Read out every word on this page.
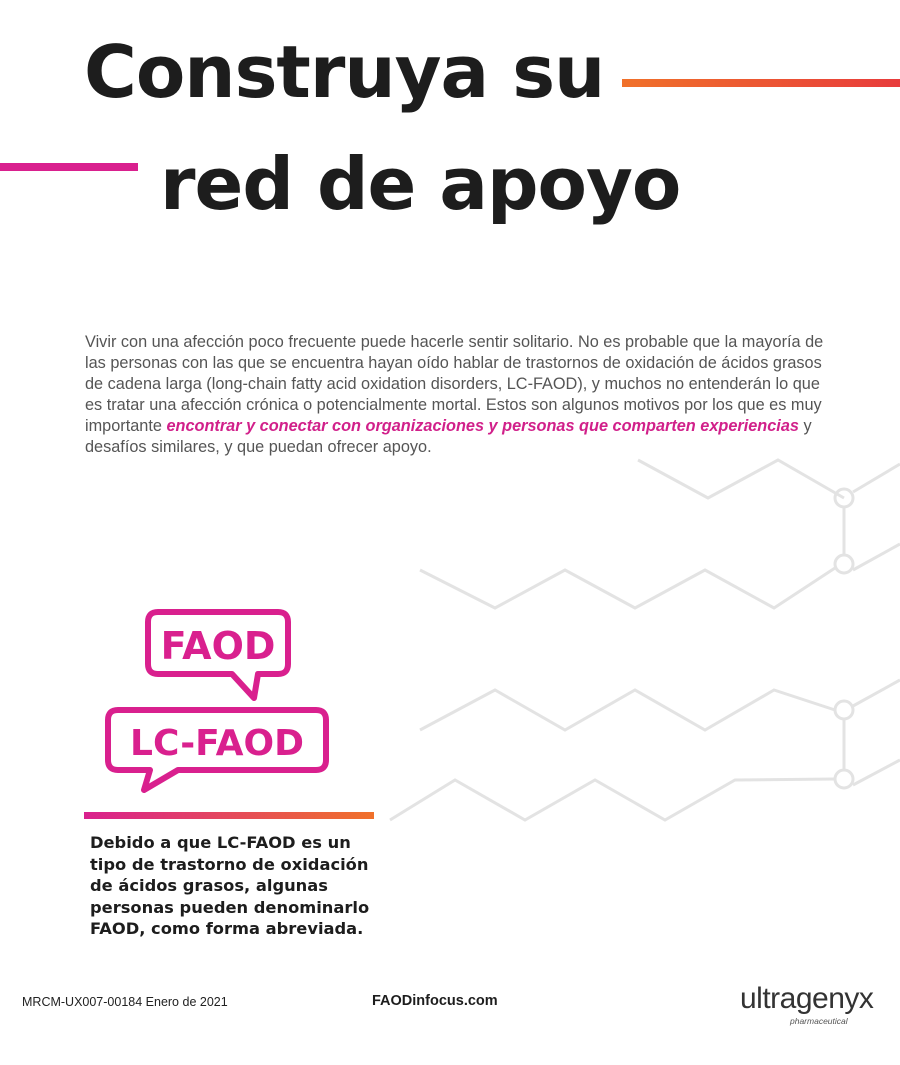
Construya su
red de apoyo

Vivir con una afección poco frecuente puede hacerle sentir solitario. No es probable que la mayoría de las personas con las que se encuentra hayan oído hablar de trastornos de oxidación de ácidos grasos de cadena larga (long-chain fatty acid oxidation disorders, LC-FAOD), y muchos no entenderán lo que es tratar una afección crónica o potencialmente mortal. Estos son algunos motivos por los que es muy importante encontrar y conectar con organizaciones y personas que comparten experiencias y desafíos similares, y que puedan ofrecer apoyo.

FAOD
LC-FAOD
Debido a que LC-FAOD es un tipo de trastorno de oxidación de ácidos grasos, algunas personas pueden denominarlo FAOD, como forma abreviada.
MRCM-UX007-00184 Enero de 2021	FAODinfocus.com	ultragenyx
pharmaceutical
